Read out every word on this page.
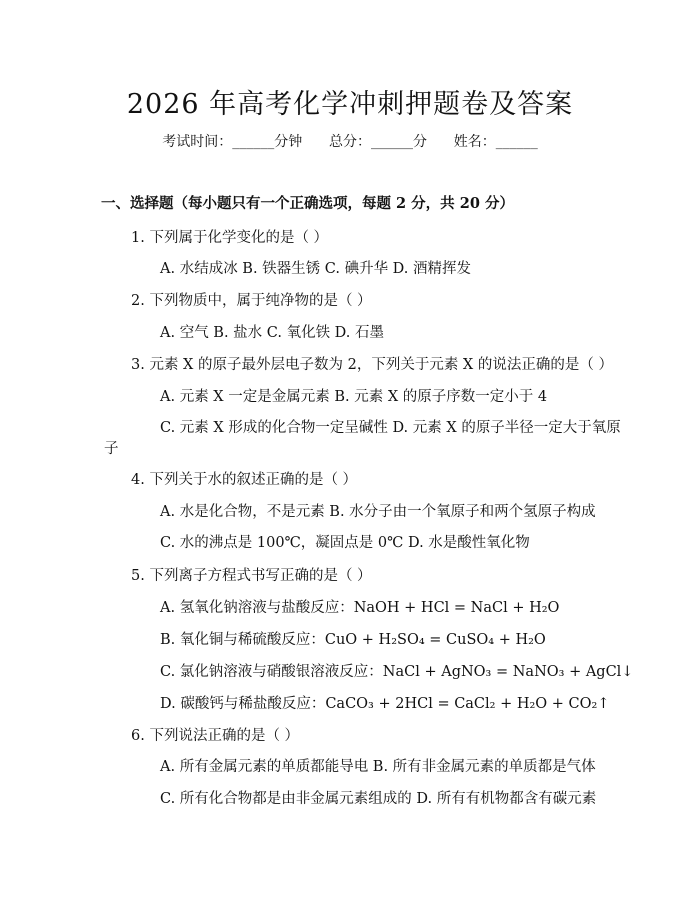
2026 年高考化学冲刺押题卷及答案
考试时间：______分钟 总分：______分 姓名：______
一、选择题（每小题只有一个正确选项，每题 2 分，共 20 分）
1. 下列属于化学变化的是（ ）
A. 水结成冰 B. 铁器生锈 C. 碘升华 D. 酒精挥发
2. 下列物质中，属于纯净物的是（ ）
A. 空气 B. 盐水 C. 氧化铁 D. 石墨
3. 元素 X 的原子最外层电子数为 2，下列关于元素 X 的说法正确的是（ ）
A. 元素 X 一定是金属元素 B. 元素 X 的原子序数一定小于 4
C. 元素 X 形成的化合物一定呈碱性 D. 元素 X 的原子半径一定大于氧原
子
4. 下列关于水的叙述正确的是（ ）
A. 水是化合物，不是元素 B. 水分子由一个氧原子和两个氢原子构成
C. 水的沸点是 100℃，凝固点是 0℃ D. 水是酸性氧化物
5. 下列离子方程式书写正确的是（ ）
A. 氢氧化钠溶液与盐酸反应：NaOH + HCl = NaCl + H₂O
B. 氧化铜与稀硫酸反应：CuO + H₂SO₄ = CuSO₄ + H₂O
C. 氯化钠溶液与硝酸银溶液反应：NaCl + AgNO₃ = NaNO₃ + AgCl↓
D. 碳酸钙与稀盐酸反应：CaCO₃ + 2HCl = CaCl₂ + H₂O + CO₂↑
6. 下列说法正确的是（ ）
A. 所有金属元素的单质都能导电 B. 所有非金属元素的单质都是气体
C. 所有化合物都是由非金属元素组成的 D. 所有有机物都含有碳元素
